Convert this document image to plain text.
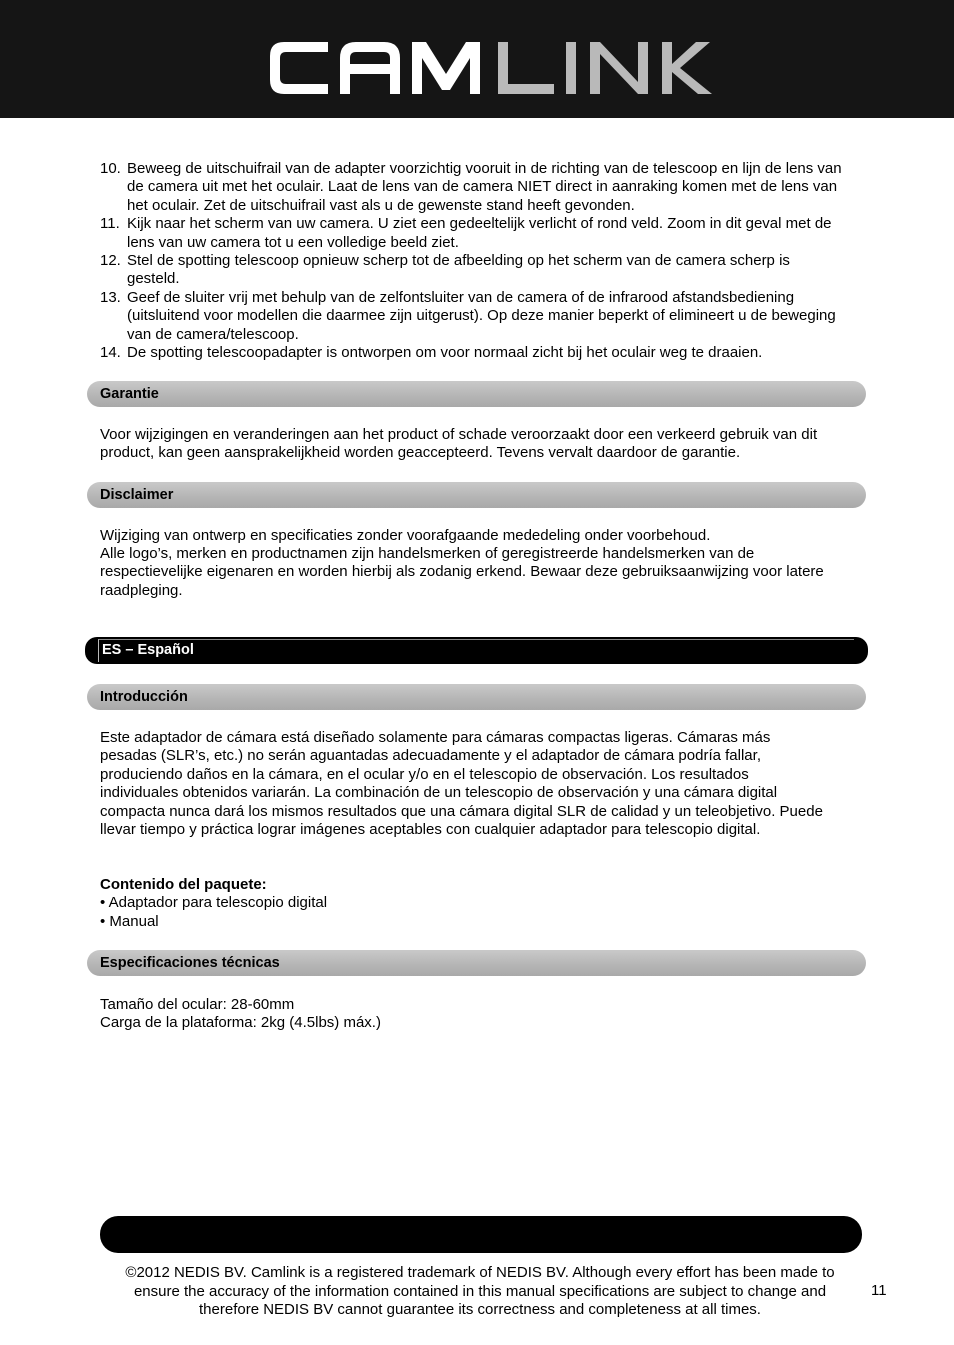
10. Beweeg de uitschuifrail van de adapter voorzichtig vooruit in de richting van de telescoop en lijn de lens van de camera uit met het oculair. Laat de lens van de camera NIET direct in aanraking komen met de lens van het oculair. Zet de uitschuifrail vast als u de gewenste stand heeft gevonden.
11. Kijk naar het scherm van uw camera. U ziet een gedeeltelijk verlicht of rond veld. Zoom in dit geval met de lens van uw camera tot u een volledige beeld ziet.
12. Stel de spotting telescoop opnieuw scherp tot de afbeelding op het scherm van de camera scherp is gesteld.
13. Geef de sluiter vrij met behulp van de zelfontsluiter van de camera of de infrarood afstandsbediening (uitsluitend voor modellen die daarmee zijn uitgerust). Op deze manier beperkt of elimineert u de beweging van de camera/telescoop.
14. De spotting telescoopadapter is ontworpen om voor normaal zicht bij het oculair weg te draaien.
Garantie

Voor wijzigingen en veranderingen aan het product of schade veroorzaakt door een verkeerd gebruik van dit product, kan geen aansprakelijkheid worden geaccepteerd. Tevens vervalt daardoor de garantie.

Disclaimer

Wijziging van ontwerp en specificaties zonder voorafgaande mededeling onder voorbehoud.

Alle logo’s, merken en productnamen zijn handelsmerken of geregistreerde handelsmerken van de respectievelijke eigenaren en worden hierbij als zodanig erkend. Bewaar deze gebruiksaanwijzing voor latere raadpleging.

ES – Español
Introducción

Este adaptador de cámara está diseñado solamente para cámaras compactas ligeras. Cámaras más pesadas (SLR’s, etc.) no serán aguantadas adecuadamente y el adaptador de cámara podría fallar, produciendo daños en la cámara, en el ocular y/o en el telescopio de observación. Los resultados individuales obtenidos variarán. La combinación de un telescopio de observación y una cámara digital compacta nunca dará los mismos resultados que una cámara digital SLR de calidad y un teleobjetivo. Puede llevar tiempo y práctica lograr imágenes aceptables con cualquier adaptador para telescopio digital.

Contenido del paquete:

• Adaptador para telescopio digital

• Manual

Especificaciones técnicas

Tamaño del ocular: 28-60mm

Carga de la plataforma: 2kg (4.5lbs) máx.)

©2012 NEDIS BV. Camlink is a registered trademark of NEDIS BV. Although every effort has been made to ensure the accuracy of the information contained in this manual specifications are subject to change and therefore NEDIS BV cannot guarantee its correctness and completeness at all times.

11
